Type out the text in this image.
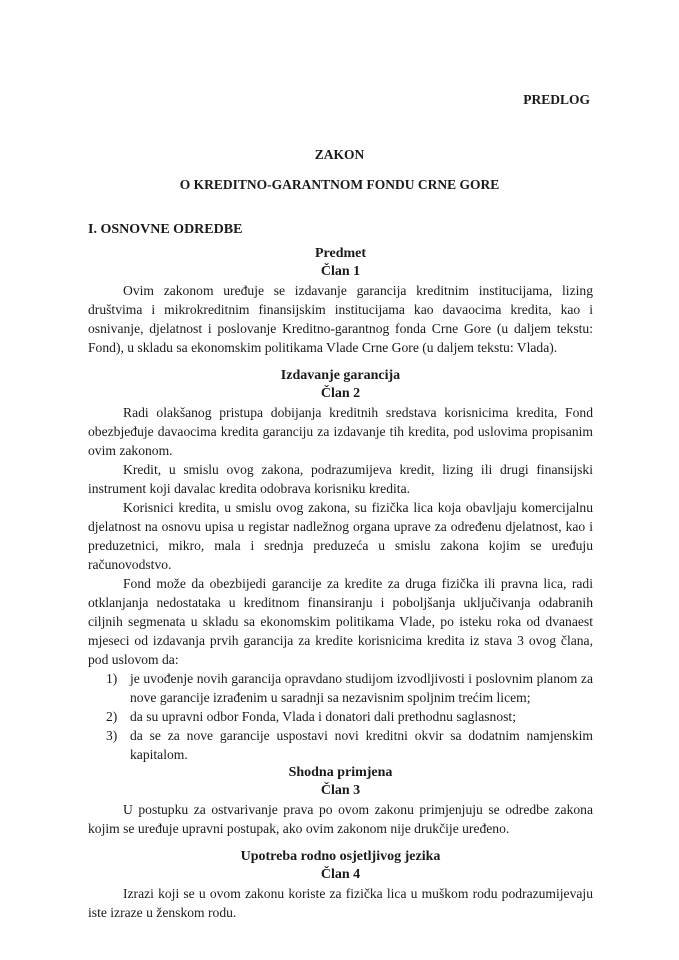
PREDLOG
ZAKON
O KREDITNO-GARANTNOM FONDU CRNE GORE
I. OSNOVNE ODREDBE
Predmet
Član 1

Ovim zakonom uređuje se izdavanje garancija kreditnim institucijama, lizing društvima i mikrokreditnim finansijskim institucijama kao davaocima kredita, kao i osnivanje, djelatnost i poslovanje Kreditno-garantnog fonda Crne Gore (u daljem tekstu: Fond), u skladu sa ekonomskim politikama Vlade Crne Gore (u daljem tekstu: Vlada).

Izdavanje garancija
Član 2

Radi olakšanog pristupa dobijanja kreditnih sredstava korisnicima kredita, Fond obezbjeđuje davaocima kredita garanciju za izdavanje tih kredita, pod uslovima propisanim ovim zakonom.

Kredit, u smislu ovog zakona, podrazumijeva kredit, lizing ili drugi finansijski instrument koji davalac kredita odobrava korisniku kredita.

Korisnici kredita, u smislu ovog zakona, su fizička lica koja obavljaju komercijalnu djelatnost na osnovu upisa u registar nadležnog organa uprave za određenu djelatnost, kao i preduzetnici, mikro, mala i srednja preduzeća u smislu zakona kojim se uređuju računovodstvo.

Fond može da obezbijedi garancije za kredite za druga fizička ili pravna lica, radi otklanjanja nedostataka u kreditnom finansiranju i poboljšanja uključivanja odabranih ciljnih segmenata u skladu sa ekonomskim politikama Vlade, po isteku roka od dvanaest mjeseci od izdavanja prvih garancija za kredite korisnicima kredita iz stava 3 ovog člana, pod uslovom da:

1) je uvođenje novih garancija opravdano studijom izvodljivosti i poslovnim planom za nove garancije izrađenim u saradnji sa nezavisnim spoljnim trećim licem;
2) da su upravni odbor Fonda, Vlada i donatori dali prethodnu saglasnost;
3) da se za nove garancije uspostavi novi kreditni okvir sa dodatnim namjenskim kapitalom.
Shodna primjena
Član 3

U postupku za ostvarivanje prava po ovom zakonu primjenjuju se odredbe zakona kojim se uređuje upravni postupak, ako ovim zakonom nije drukčije uređeno.

Upotreba rodno osjetljivog jezika
Član 4

Izrazi koji se u ovom zakonu koriste za fizička lica u muškom rodu podrazumijevaju iste izraze u ženskom rodu.
